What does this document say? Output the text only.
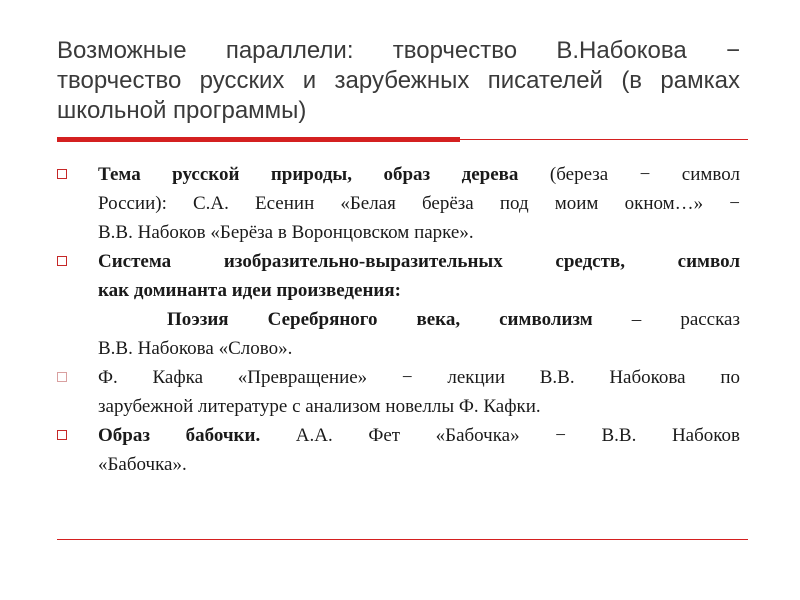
Возможные параллели: творчество В.Набокова −
творчество русских и зарубежных писателей (в рамках
школьной программы)
Тема русской природы, образ дерева (береза − символ
России): С.А. Есенин «Белая берёза под моим окном…» −
В.В. Набоков «Берёза в Воронцовском парке».
Система изобразительно-выразительных средств, символ
как доминанта идеи произведения:
Поэзия Серебряного века, символизм – рассказ
В.В. Набокова «Слово».
Ф. Кафка «Превращение» − лекции В.В. Набокова по
зарубежной литературе с анализом новеллы Ф. Кафки.
Образ бабочки. А.А. Фет «Бабочка» − В.В. Набоков
«Бабочка».
